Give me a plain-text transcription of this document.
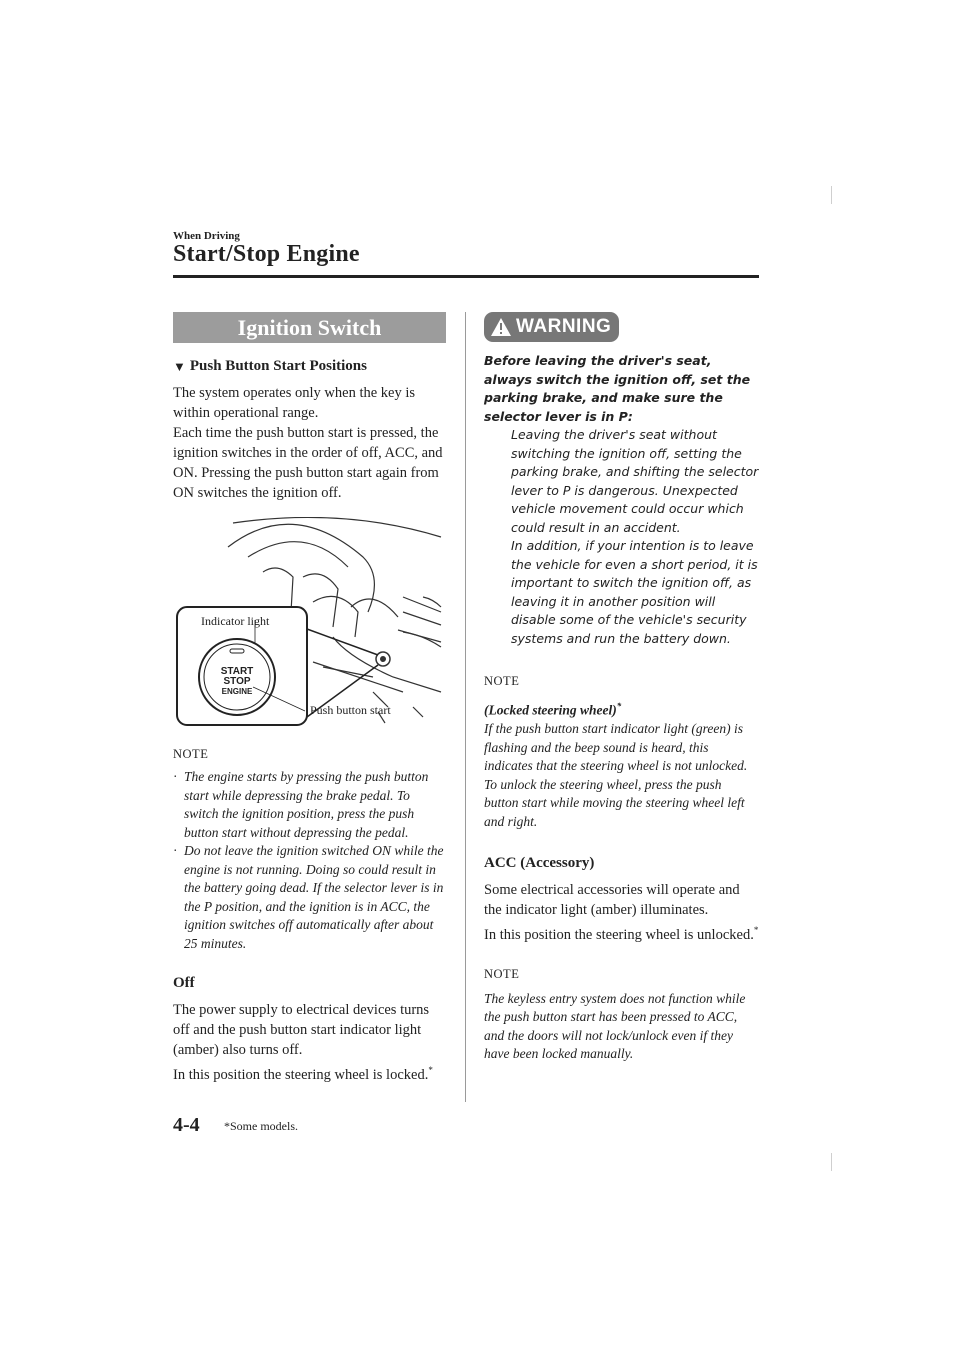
When Driving
Start/Stop Engine
Ignition Switch
▼ Push Button Start Positions

The system operates only when the key is within operational range.

Each time the push button start is pressed, the ignition switches in the order of off, ACC, and ON. Pressing the push button start again from ON switches the ignition off.

START
STOP
ENGINE
Indicator light
Push button start

NOTE

· The engine starts by pressing the push button start while depressing the brake pedal. To switch the ignition position, press the push button start without depressing the pedal.
· Do not leave the ignition switched ON while the engine is not running. Doing so could result in the battery going dead. If the selector lever is in the P position, and the ignition is in ACC, the ignition switches off automatically after about 25 minutes.

Off

The power supply to electrical devices turns off and the push button start indicator light (amber) also turns off.

In this position the steering wheel is locked.*

WARNING

Before leaving the driver's seat, always switch the ignition off, set the parking brake, and make sure the selector lever is in P:

Leaving the driver's seat without switching the ignition off, setting the parking brake, and shifting the selector lever to P is dangerous. Unexpected vehicle movement could occur which could result in an accident.

In addition, if your intention is to leave the vehicle for even a short period, it is important to switch the ignition off, as leaving it in another position will disable some of the vehicle's security systems and run the battery down.

NOTE

(Locked steering wheel)*

If the push button start indicator light (green) is flashing and the beep sound is heard, this indicates that the steering wheel is not unlocked. To unlock the steering wheel, press the push button start while moving the steering wheel left and right.

ACC (Accessory)

Some electrical accessories will operate and the indicator light (amber) illuminates.

In this position the steering wheel is unlocked.*

NOTE

The keyless entry system does not function while the push button start has been pressed to ACC, and the doors will not lock/unlock even if they have been locked manually.

4-4 *Some models.
